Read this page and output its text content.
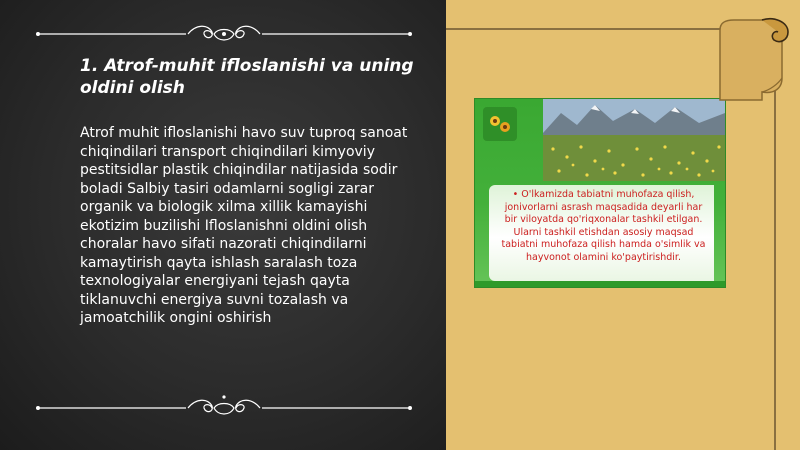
1. Atrof-muhit ifloslanishi va uning oldini olish

Atrof muhit ifloslanishi havo suv tuproq sanoat chiqindilari transport chiqindilari kimyoviy pestitsidlar plastik chiqindilar natijasida sodir boladi Salbiy tasiri odamlarni sogligi zarar organik va biologik xilma xillik kamayishi ekotizim buzilishi Ifloslanishni oldini olish choralar havo sifati nazorati chiqindilarni kamaytirish qayta ishlash saralash toza texnologiyalar energiyani tejash qayta tiklanuvchi energiya suvni tozalash va jamoatchilik ongini oshirish

• O'lkamizda tabiatni muhofaza qilish, jonivorlarni asrash maqsadida deyarli har bir viloyatda qo'riqxonalar tashkil etilgan. Ularni tashkil etishdan asosiy maqsad tabiatni muhofaza qilish hamda o'simlik va hayvonot olamini ko'paytirishdir.
